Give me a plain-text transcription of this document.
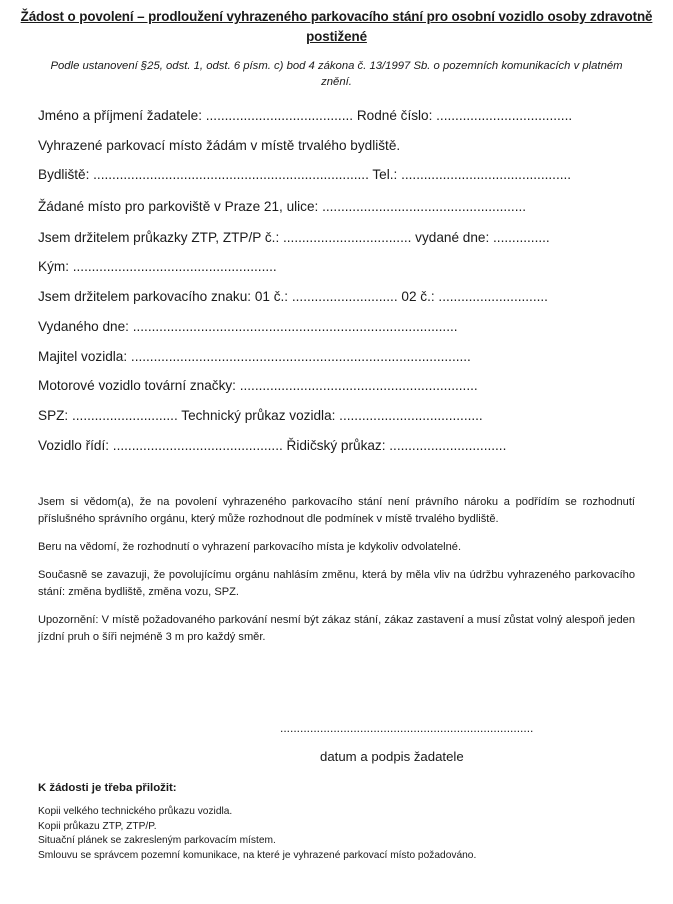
Žádost o povolení – prodloužení vyhrazeného parkovacího stání pro osobní vozidlo osoby zdravotně postižené
Podle ustanovení §25, odst. 1, odst. 6 písm. c) bod 4 zákona č. 13/1997 Sb. o pozemních komunikacích v platném znění.
Jméno a příjmení žadatele: ....................................... Rodné číslo: ....................................
Vyhrazené parkovací místo žádám v místě trvalého bydliště.
Bydliště: ......................................................................... Tel.: .............................................
Žádané místo pro parkoviště v Praze 21, ulice: ......................................................
Jsem držitelem průkazky ZTP, ZTP/P č.: .................................. vydané dne: ...............
Kým: ......................................................
Jsem držitelem parkovacího znaku: 01 č.: ............................ 02 č.: .............................
Vydaného dne: ......................................................................................
Majitel vozidla: ..........................................................................................
Motorové vozidlo tovární značky: ...............................................................
SPZ: ............................ Technický průkaz vozidla: ......................................
Vozidlo řídí: ............................................. Řidičský průkaz: ...............................
Jsem si vědom(a), že na povolení vyhrazeného parkovacího stání není právního nároku a podřídím se rozhodnutí příslušného správního orgánu, který může rozhodnout dle podmínek v místě trvalého bydliště.
Beru na vědomí, že rozhodnutí o vyhrazení parkovacího místa je kdykoliv odvolatelné.
Současně se zavazuji, že povolujícímu orgánu nahlásím změnu, která by měla vliv na údržbu vyhrazeného parkovacího stání: změna bydliště, změna vozu, SPZ.
Upozornění: V místě požadovaného parkování nesmí být zákaz stání, zákaz zastavení a musí zůstat volný alespoň jeden jízdní pruh o šíři nejméně 3 m pro každý směr.
............................................................................
datum a podpis žadatele
K žádosti je třeba přiložit:
Kopii velkého technického průkazu vozidla.
Kopii průkazu ZTP, ZTP/P.
Situační plánek se zakresleným parkovacím místem.
Smlouvu se správcem pozemní komunikace, na které je vyhrazené parkovací místo požadováno.
